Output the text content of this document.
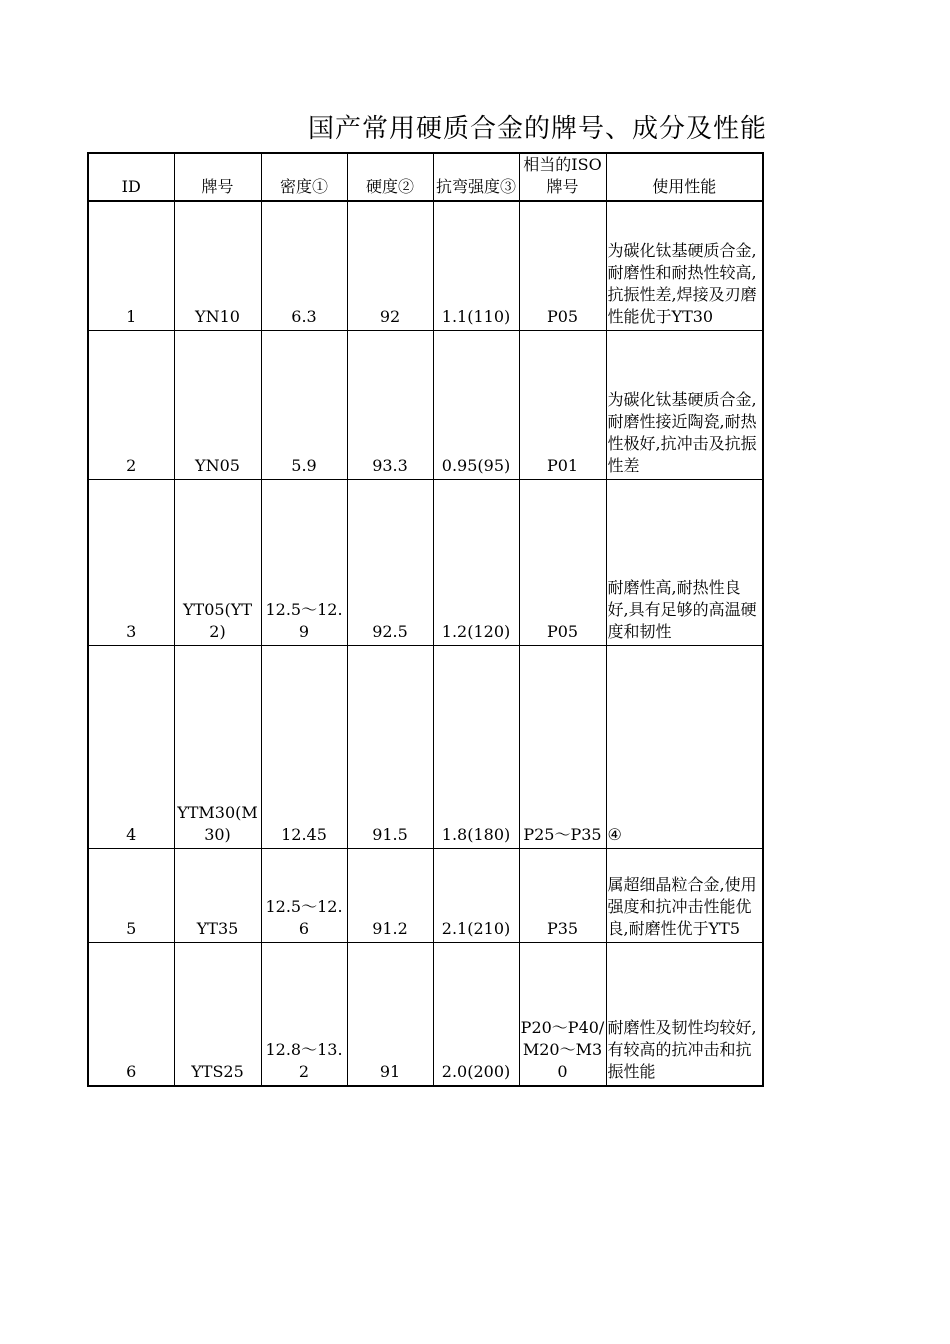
国产常用硬质合金的牌号、成分及性能
ID	牌号	密度①	硬度②	抗弯强度③	相当的ISO牌号	使用性能
1	YN10	6.3	92	1.1(110)	P05	为碳化钛基硬质合金,耐磨性和耐热性较高,抗振性差,焊接及刃磨性能优于YT30
2	YN05	5.9	93.3	0.95(95)	P01	为碳化钛基硬质合金,耐磨性接近陶瓷,耐热性极好,抗冲击及抗振性差
3	YT05(YT2)	12.5～12.9	92.5	1.2(120)	P05	耐磨性高,耐热性良好,具有足够的高温硬度和韧性
4	YTM30(M30)	12.45	91.5	1.8(180)	P25～P35	④
5	YT35	12.5～12.6	91.2	2.1(210)	P35	属超细晶粒合金,使用强度和抗冲击性能优良,耐磨性优于YT5
6	YTS25	12.8～13.2	91	2.0(200)	P20～P40/M20～M30	耐磨性及韧性均较好,有较高的抗冲击和抗振性能
